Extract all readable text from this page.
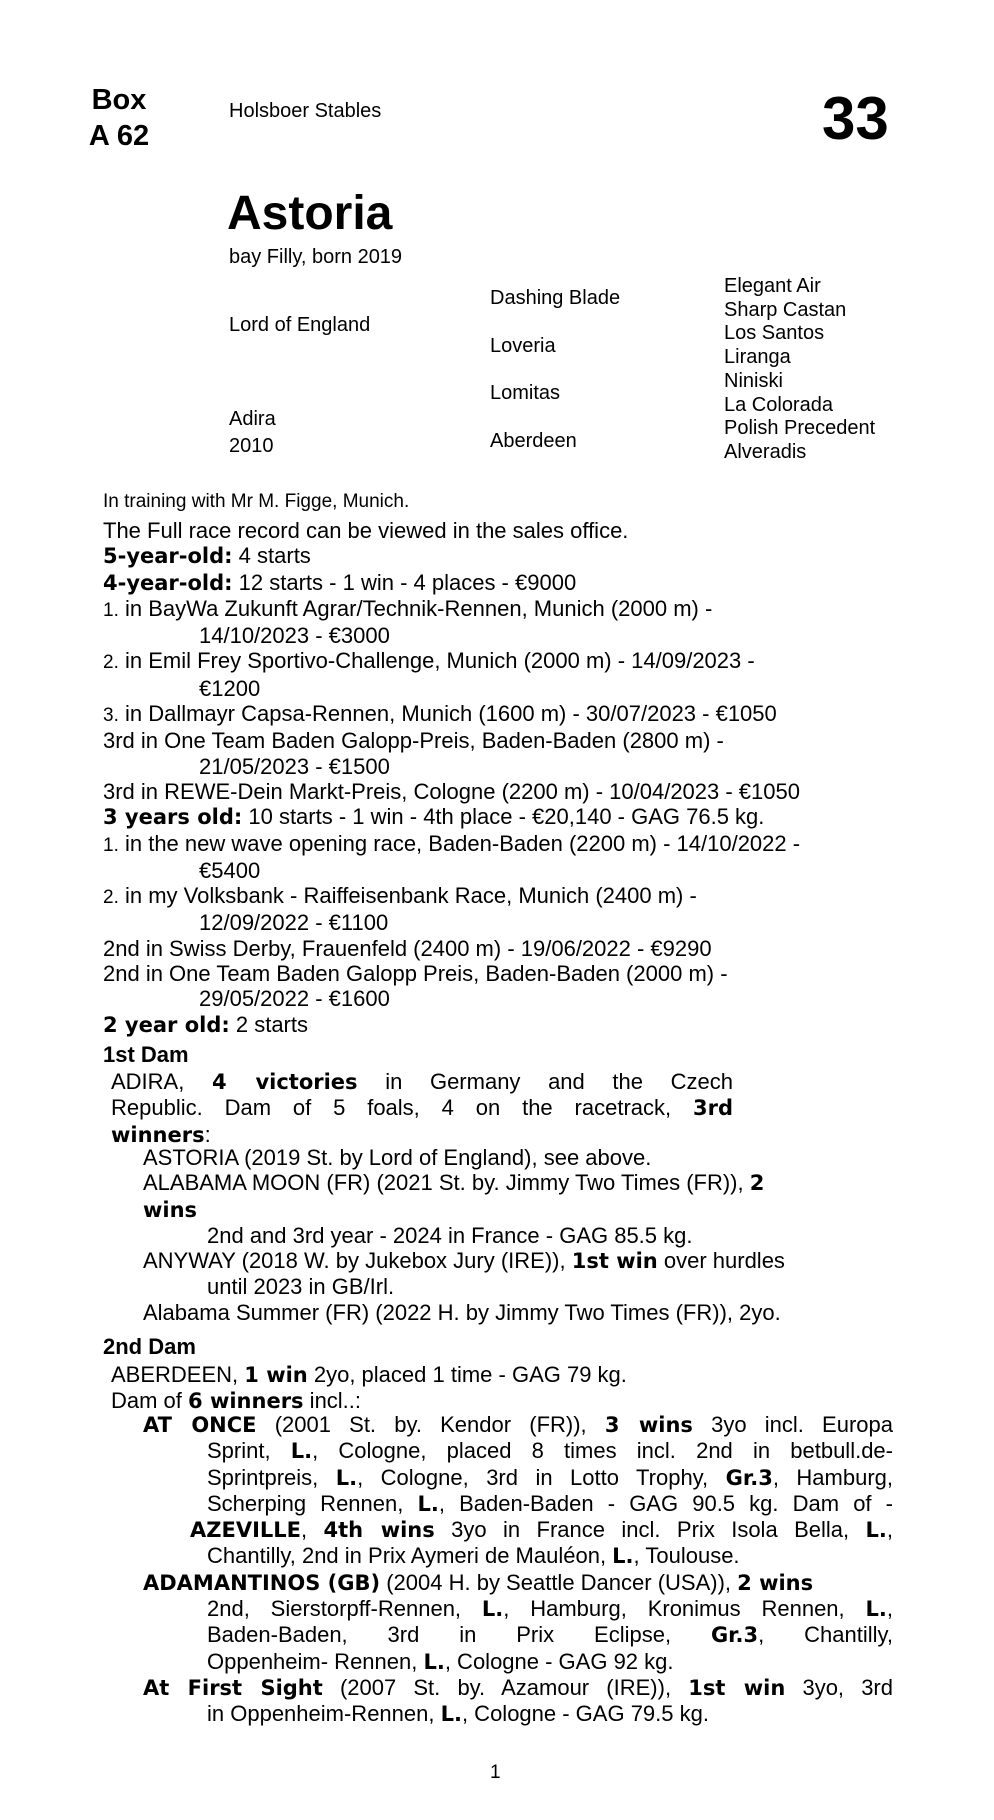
Box
A 62
Holsboer Stables	33
Astoria
bay Filly, born 2019
Lord of England
Adira
2010
Dashing Blade
Loveria
Lomitas
Aberdeen
Elegant Air
Sharp Castan
Los Santos
Liranga
Niniski
La Colorada
Polish Precedent
Alveradis
In training with Mr M. Figge, Munich.
The Full race record can be viewed in the sales office.
5-year-old: 4 starts
4-year-old: 12 starts - 1 win - 4 places - €9000
1. in BayWa Zukunft Agrar/Technik-Rennen, Munich (2000 m) -
14/10/2023 - €3000
2. in Emil Frey Sportivo-Challenge, Munich (2000 m) - 14/09/2023 -
€1200
3. in Dallmayr Capsa-Rennen, Munich (1600 m) - 30/07/2023 - €1050
3rd in One Team Baden Galopp-Preis, Baden-Baden (2800 m) -
21/05/2023 - €1500
3rd in REWE-Dein Markt-Preis, Cologne (2200 m) - 10/04/2023 - €1050
3 years old: 10 starts - 1 win - 4th place - €20,140 - GAG 76.5 kg.
1. in the new wave opening race, Baden-Baden (2200 m) - 14/10/2022 -
€5400
2. in my Volksbank - Raiffeisenbank Race, Munich (2400 m) -
12/09/2022 - €1100
2nd in Swiss Derby, Frauenfeld (2400 m) - 19/06/2022 - €9290
2nd in One Team Baden Galopp Preis, Baden-Baden (2000 m) -
29/05/2022 - €1600
2 year old: 2 starts
1st Dam
ADIRA, 4 victories in Germany and the Czech
Republic. Dam of 5 foals, 4 on the racetrack, 3rd
winners:
ASTORIA (2019 St. by Lord of England), see above.
ALABAMA MOON (FR) (2021 St. by. Jimmy Two Times (FR)), 2
wins
2nd and 3rd year - 2024 in France - GAG 85.5 kg.
ANYWAY (2018 W. by Jukebox Jury (IRE)), 1st win over hurdles
until 2023 in GB/Irl.
Alabama Summer (FR) (2022 H. by Jimmy Two Times (FR)), 2yo.
2nd Dam
ABERDEEN, 1 win 2yo, placed 1 time - GAG 79 kg.
Dam of 6 winners incl..:
AT ONCE (2001 St. by. Kendor (FR)), 3 wins 3yo incl. Europa
Sprint, L., Cologne, placed 8 times incl. 2nd in betbull.de-
Sprintpreis, L., Cologne, 3rd in Lotto Trophy, Gr.3, Hamburg,
Scherping Rennen, L., Baden-Baden - GAG 90.5 kg. Dam of -
AZEVILLE, 4th wins 3yo in France incl. Prix Isola Bella, L.,
Chantilly, 2nd in Prix Aymeri de Mauléon, L., Toulouse.
ADAMANTINOS (GB) (2004 H. by Seattle Dancer (USA)), 2 wins
2nd, Sierstorpff-Rennen, L., Hamburg, Kronimus Rennen, L.,
Baden-Baden, 3rd in Prix Eclipse, Gr.3, Chantilly,
Oppenheim- Rennen, L., Cologne - GAG 92 kg.
At First Sight (2007 St. by. Azamour (IRE)), 1st win 3yo, 3rd
in Oppenheim-Rennen, L., Cologne - GAG 79.5 kg.
1
